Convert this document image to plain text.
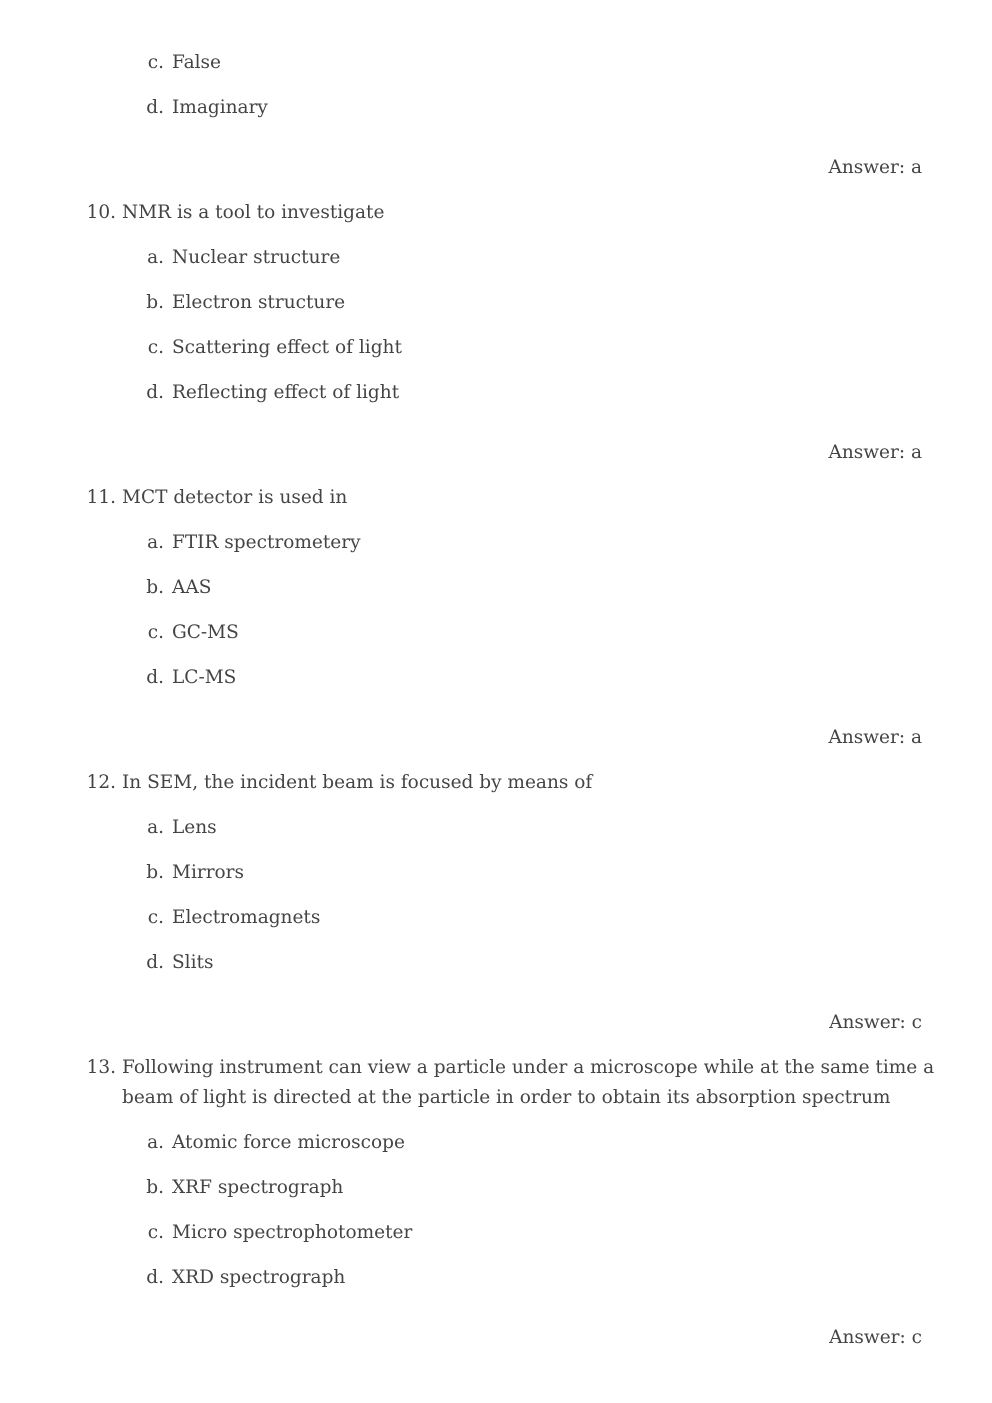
c. False
d. Imaginary
Answer: a
10. NMR is a tool to investigate
a. Nuclear structure
b. Electron structure
c. Scattering effect of light
d. Reflecting effect of light
Answer: a
11. MCT detector is used in
a. FTIR spectrometery
b. AAS
c. GC-MS
d. LC-MS
Answer: a
12. In SEM, the incident beam is focused by means of
a. Lens
b. Mirrors
c. Electromagnets
d. Slits
Answer: c
13. Following instrument can view a particle under a microscope while at the same time a
beam of light is directed at the particle in order to obtain its absorption spectrum
a. Atomic force microscope
b. XRF spectrograph
c. Micro spectrophotometer
d. XRD spectrograph
Answer: c
